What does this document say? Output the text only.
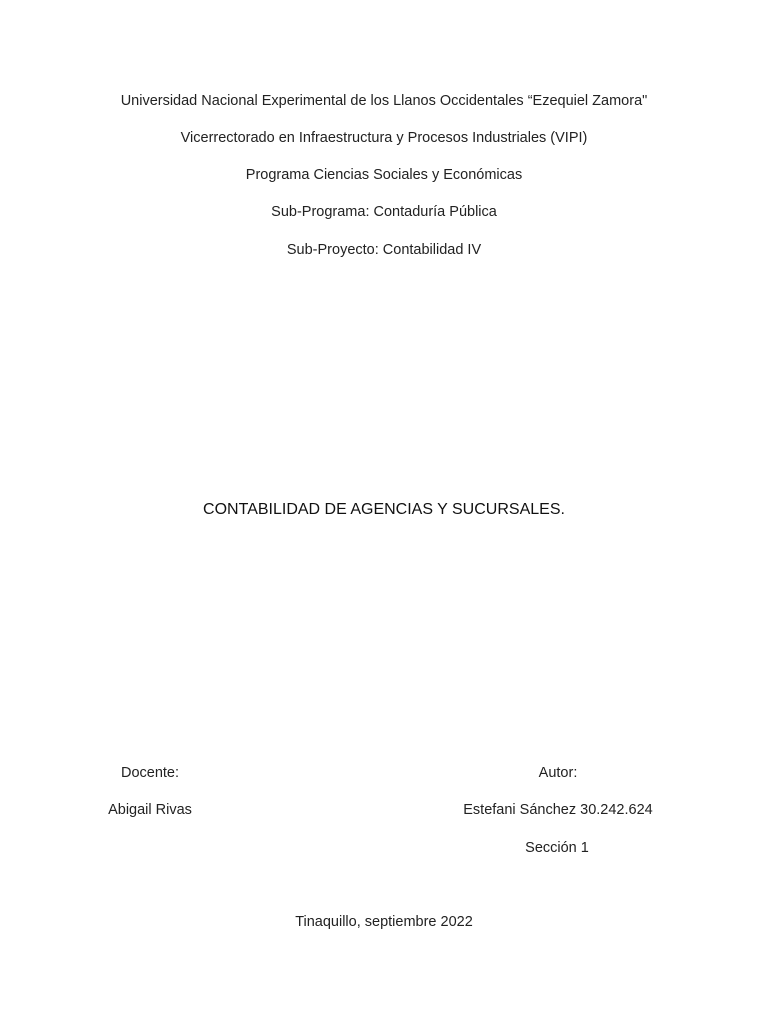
Universidad Nacional Experimental de los Llanos Occidentales “Ezequiel Zamora"
Vicerrectorado en Infraestructura y Procesos Industriales (VIPI)
Programa Ciencias Sociales y Económicas
Sub-Programa: Contaduría Pública
Sub-Proyecto: Contabilidad IV
CONTABILIDAD DE AGENCIAS Y SUCURSALES.
Docente:
Abigail Rivas
Autor:
Estefani Sánchez 30.242.624
Sección 1
Tinaquillo, septiembre 2022
